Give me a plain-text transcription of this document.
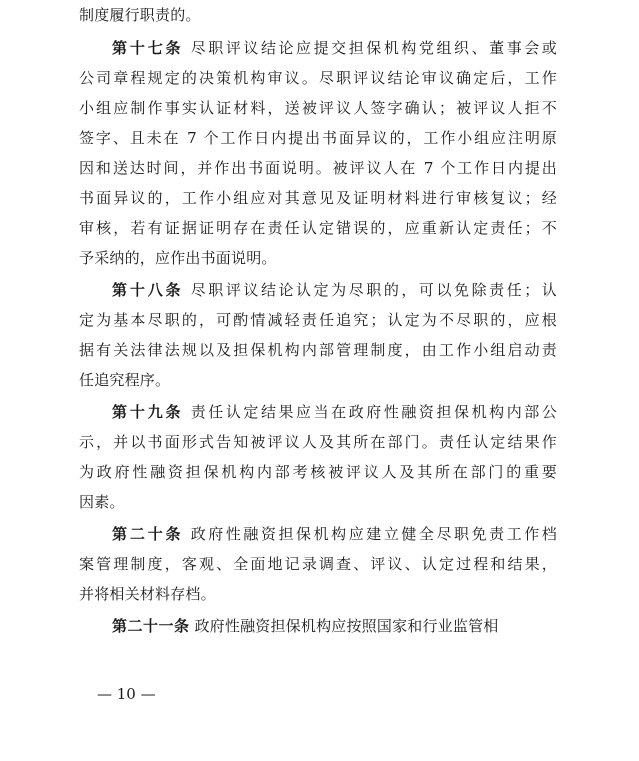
制度履行职责的。
第十七条 尽职评议结论应提交担保机构党组织、董事会或
公司章程规定的决策机构审议。尽职评议结论审议确定后，工作
小组应制作事实认证材料，送被评议人签字确认；被评议人拒不
签字、且未在 7 个工作日内提出书面异议的，工作小组应注明原
因和送达时间，并作出书面说明。被评议人在 7 个工作日内提出
书面异议的，工作小组应对其意见及证明材料进行审核复议；经
审核，若有证据证明存在责任认定错误的，应重新认定责任；不
予采纳的，应作出书面说明。
第十八条 尽职评议结论认定为尽职的，可以免除责任；认
定为基本尽职的，可酌情减轻责任追究；认定为不尽职的，应根
据有关法律法规以及担保机构内部管理制度，由工作小组启动责
任追究程序。
第十九条 责任认定结果应当在政府性融资担保机构内部公
示，并以书面形式告知被评议人及其所在部门。责任认定结果作
为政府性融资担保机构内部考核被评议人及其所在部门的重要
因素。
第二十条 政府性融资担保机构应建立健全尽职免责工作档
案管理制度，客观、全面地记录调查、评议、认定过程和结果，
并将相关材料存档。
第二十一条 政府性融资担保机构应按照国家和行业监管相
— 10 —
